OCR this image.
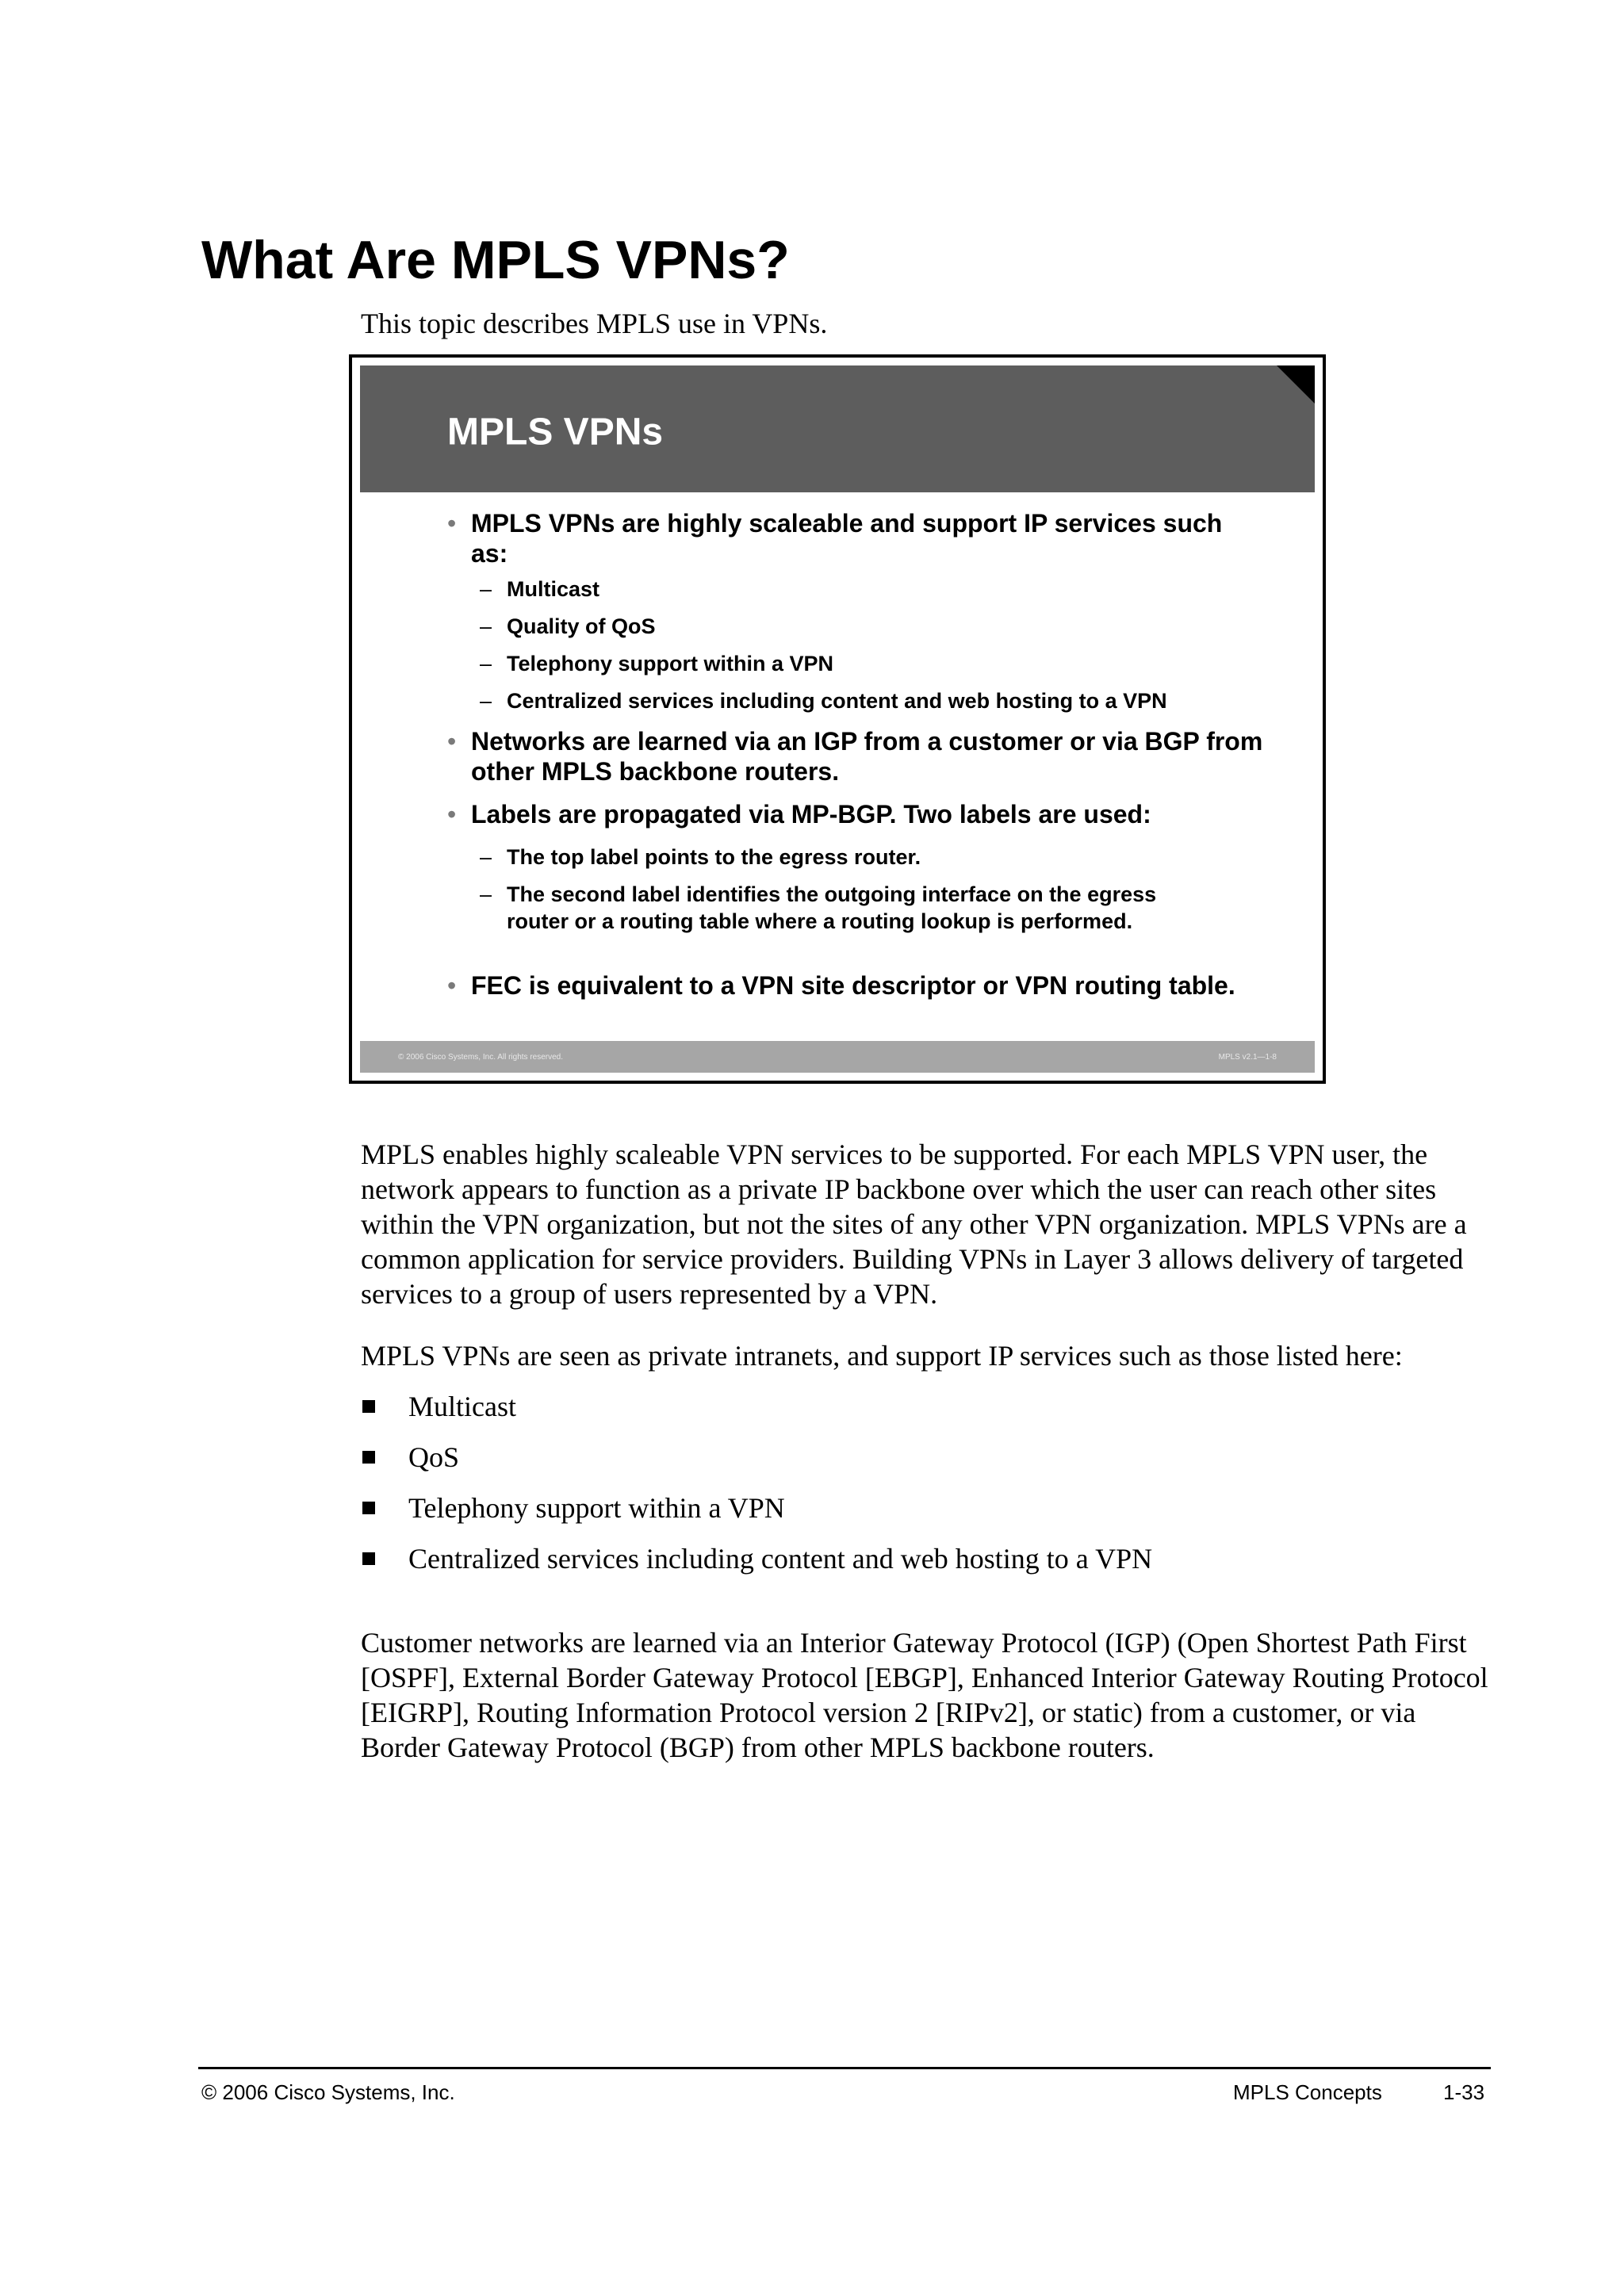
What Are MPLS VPNs?
This topic describes MPLS use in VPNs.
MPLS VPNs
• MPLS VPNs are highly scaleable and support IP services such as:
– Multicast
– Quality of QoS
– Telephony support within a VPN
– Centralized services including content and web hosting to a VPN
• Networks are learned via an IGP from a customer or via BGP from other MPLS backbone routers.
• Labels are propagated via MP-BGP. Two labels are used:
– The top label points to the egress router.
– The second label identifies the outgoing interface on the egress router or a routing table where a routing lookup is performed.
• FEC is equivalent to a VPN site descriptor or VPN routing table.
© 2006 Cisco Systems, Inc. All rights reserved.	MPLS v2.1—1-8

MPLS enables highly scaleable VPN services to be supported. For each MPLS VPN user, the network appears to function as a private IP backbone over which the user can reach other sites within the VPN organization, but not the sites of any other VPN organization. MPLS VPNs are a common application for service providers. Building VPNs in Layer 3 allows delivery of targeted services to a group of users represented by a VPN.

MPLS VPNs are seen as private intranets, and support IP services such as those listed here:

Multicast
QoS
Telephony support within a VPN
Centralized services including content and web hosting to a VPN

Customer networks are learned via an Interior Gateway Protocol (IGP) (Open Shortest Path First [OSPF], External Border Gateway Protocol [EBGP], Enhanced Interior Gateway Routing Protocol [EIGRP], Routing Information Protocol version 2 [RIPv2], or static) from a customer, or via Border Gateway Protocol (BGP) from other MPLS backbone routers.

© 2006 Cisco Systems, Inc.	MPLS Concepts	1-33
